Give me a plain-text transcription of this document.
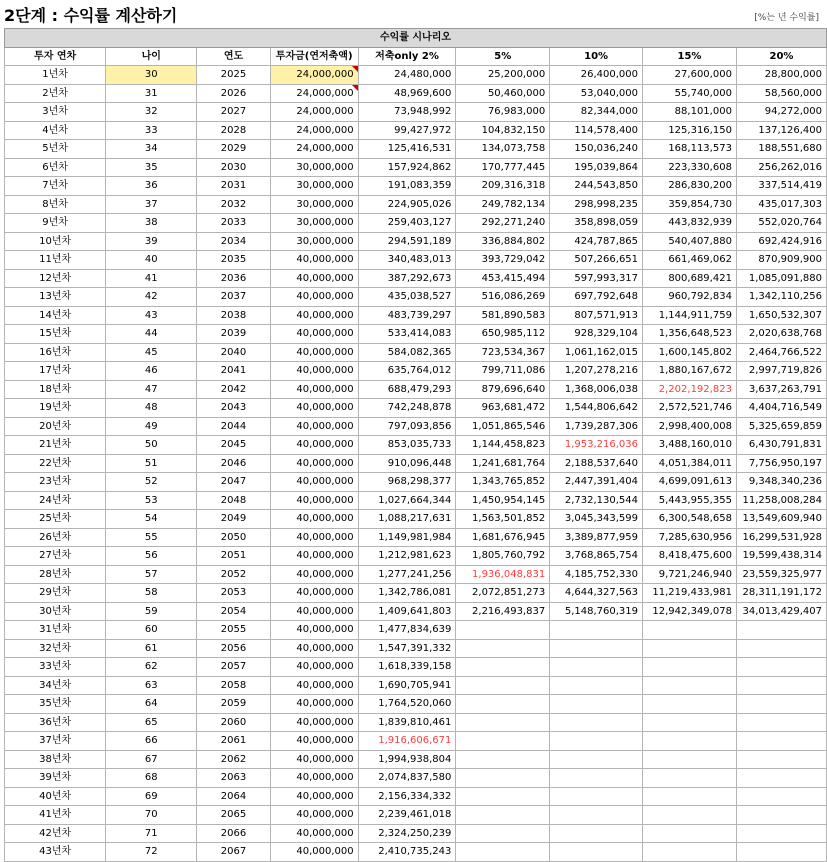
2단계 : 수익률 계산하기	[%는 년 수익률]
수익률 시나리오								
투자 연차	나이	연도	투자금(연저축액)	저축only 2%	5%	10%	15%	20%
1년차	30	2025	24,000,000	24,480,000	25,200,000	26,400,000	27,600,000	28,800,000
2년차	31	2026	24,000,000	48,969,600	50,460,000	53,040,000	55,740,000	58,560,000
3년차	32	2027	24,000,000	73,948,992	76,983,000	82,344,000	88,101,000	94,272,000
4년차	33	2028	24,000,000	99,427,972	104,832,150	114,578,400	125,316,150	137,126,400
5년차	34	2029	24,000,000	125,416,531	134,073,758	150,036,240	168,113,573	188,551,680
6년차	35	2030	30,000,000	157,924,862	170,777,445	195,039,864	223,330,608	256,262,016
7년차	36	2031	30,000,000	191,083,359	209,316,318	244,543,850	286,830,200	337,514,419
8년차	37	2032	30,000,000	224,905,026	249,782,134	298,998,235	359,854,730	435,017,303
9년차	38	2033	30,000,000	259,403,127	292,271,240	358,898,059	443,832,939	552,020,764
10년차	39	2034	30,000,000	294,591,189	336,884,802	424,787,865	540,407,880	692,424,916
11년차	40	2035	40,000,000	340,483,013	393,729,042	507,266,651	661,469,062	870,909,900
12년차	41	2036	40,000,000	387,292,673	453,415,494	597,993,317	800,689,421	1,085,091,880
13년차	42	2037	40,000,000	435,038,527	516,086,269	697,792,648	960,792,834	1,342,110,256
14년차	43	2038	40,000,000	483,739,297	581,890,583	807,571,913	1,144,911,759	1,650,532,307
15년차	44	2039	40,000,000	533,414,083	650,985,112	928,329,104	1,356,648,523	2,020,638,768
16년차	45	2040	40,000,000	584,082,365	723,534,367	1,061,162,015	1,600,145,802	2,464,766,522
17년차	46	2041	40,000,000	635,764,012	799,711,086	1,207,278,216	1,880,167,672	2,997,719,826
18년차	47	2042	40,000,000	688,479,293	879,696,640	1,368,006,038	2,202,192,823	3,637,263,791
19년차	48	2043	40,000,000	742,248,878	963,681,472	1,544,806,642	2,572,521,746	4,404,716,549
20년차	49	2044	40,000,000	797,093,856	1,051,865,546	1,739,287,306	2,998,400,008	5,325,659,859
21년차	50	2045	40,000,000	853,035,733	1,144,458,823	1,953,216,036	3,488,160,010	6,430,791,831
22년차	51	2046	40,000,000	910,096,448	1,241,681,764	2,188,537,640	4,051,384,011	7,756,950,197
23년차	52	2047	40,000,000	968,298,377	1,343,765,852	2,447,391,404	4,699,091,613	9,348,340,236
24년차	53	2048	40,000,000	1,027,664,344	1,450,954,145	2,732,130,544	5,443,955,355	11,258,008,284
25년차	54	2049	40,000,000	1,088,217,631	1,563,501,852	3,045,343,599	6,300,548,658	13,549,609,940
26년차	55	2050	40,000,000	1,149,981,984	1,681,676,945	3,389,877,959	7,285,630,956	16,299,531,928
27년차	56	2051	40,000,000	1,212,981,623	1,805,760,792	3,768,865,754	8,418,475,600	19,599,438,314
28년차	57	2052	40,000,000	1,277,241,256	1,936,048,831	4,185,752,330	9,721,246,940	23,559,325,977
29년차	58	2053	40,000,000	1,342,786,081	2,072,851,273	4,644,327,563	11,219,433,981	28,311,191,172
30년차	59	2054	40,000,000	1,409,641,803	2,216,493,837	5,148,760,319	12,942,349,078	34,013,429,407
31년차	60	2055	40,000,000	1,477,834,639				
32년차	61	2056	40,000,000	1,547,391,332				
33년차	62	2057	40,000,000	1,618,339,158				
34년차	63	2058	40,000,000	1,690,705,941				
35년차	64	2059	40,000,000	1,764,520,060				
36년차	65	2060	40,000,000	1,839,810,461				
37년차	66	2061	40,000,000	1,916,606,671				
38년차	67	2062	40,000,000	1,994,938,804				
39년차	68	2063	40,000,000	2,074,837,580				
40년차	69	2064	40,000,000	2,156,334,332				
41년차	70	2065	40,000,000	2,239,461,018				
42년차	71	2066	40,000,000	2,324,250,239				
43년차	72	2067	40,000,000	2,410,735,243				
